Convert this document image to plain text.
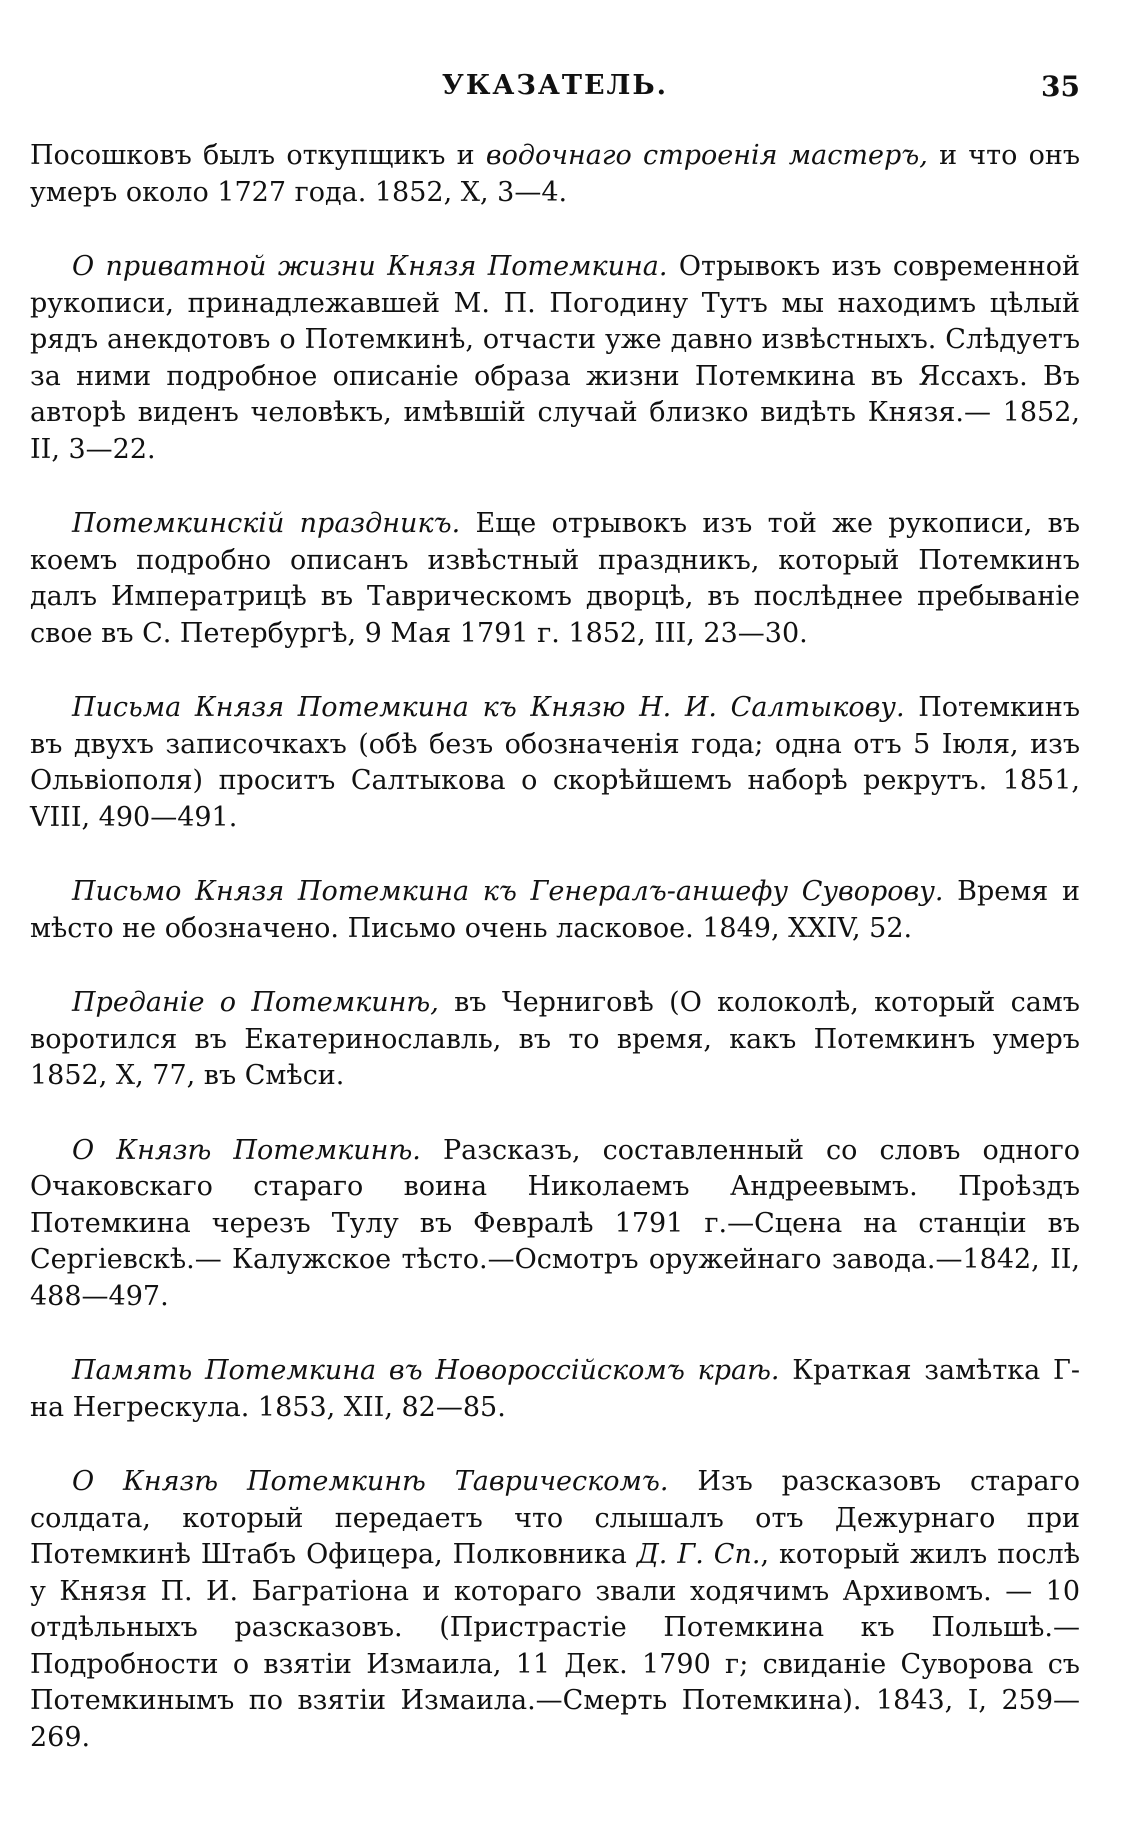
УКАЗАТЕЛЬ.	35

Посошковъ былъ откупщикъ и водочнаго строенія мастеръ, и что онъ умеръ около 1727 года. 1852, X, 3—4.

О приватной жизни Князя Потемкина. Отрывокъ изъ современной рукописи, принадлежавшей М. П. Погодину Тутъ мы находимъ цѣлый рядъ анекдотовъ о Потемкинѣ, отчасти уже давно извѣстныхъ. Слѣдуетъ за ними подробное описаніе образа жизни Потемкина въ Яссахъ. Въ авторѣ виденъ человѣкъ, имѣвшій случай близко видѣть Князя.— 1852, II, 3—22.

Потемкинскій праздникъ. Еще отрывокъ изъ той же рукописи, въ коемъ подробно описанъ извѣстный праздникъ, который Потемкинъ далъ Императрицѣ въ Таврическомъ дворцѣ, въ послѣднее пребываніе свое въ С. Петербургѣ, 9 Мая 1791 г. 1852, III, 23—30.

Письма Князя Потемкина къ Князю Н. И. Салтыкову. Потемкинъ въ двухъ записочкахъ (обѣ безъ обозначенія года; одна отъ 5 Іюля, изъ Ольвіополя) проситъ Салтыкова о скорѣйшемъ наборѣ рекрутъ. 1851, VIII, 490—491.

Письмо Князя Потемкина къ Генералъ-аншефу Суворову. Время и мѣсто не обозначено. Письмо очень ласковое. 1849, XXIV, 52.

Преданіе о Потемкинѣ, въ Черниговѣ (О колоколѣ, который самъ воротился въ Екатеринославль, въ то время, какъ Потемкинъ умеръ 1852, X, 77, въ Смѣси.

О Князѣ Потемкинѣ. Разсказъ, составленный со словъ одного Очаковскаго стараго воина Николаемъ Андреевымъ. Проѣздъ Потемкина черезъ Тулу въ Февралѣ 1791 г.—Сцена на станціи въ Сергіевскѣ.— Калужское тѣсто.—Осмотръ оружейнаго завода.—1842, II, 488—497.

Память Потемкина въ Новороссійскомъ краѣ. Краткая замѣтка Г-на Негрескула. 1853, XII, 82—85.

О Князѣ Потемкинѣ Таврическомъ. Изъ разсказовъ стараго солдата, который передаетъ что слышалъ отъ Дежурнаго при Потемкинѣ Штабъ Офицера, Полковника Д. Г. Сп., который жилъ послѣ у Князя П. И. Багратіона и котораго звали ходячимъ Архивомъ. — 10 отдѣльныхъ разсказовъ. (Пристрастіе Потемкина къ Польшѣ.—Подробности о взятіи Измаила, 11 Дек. 1790 г; свиданіе Суворова съ Потемкинымъ по взятіи Измаила.—Смерть Потемкина). 1843, I, 259—269.
